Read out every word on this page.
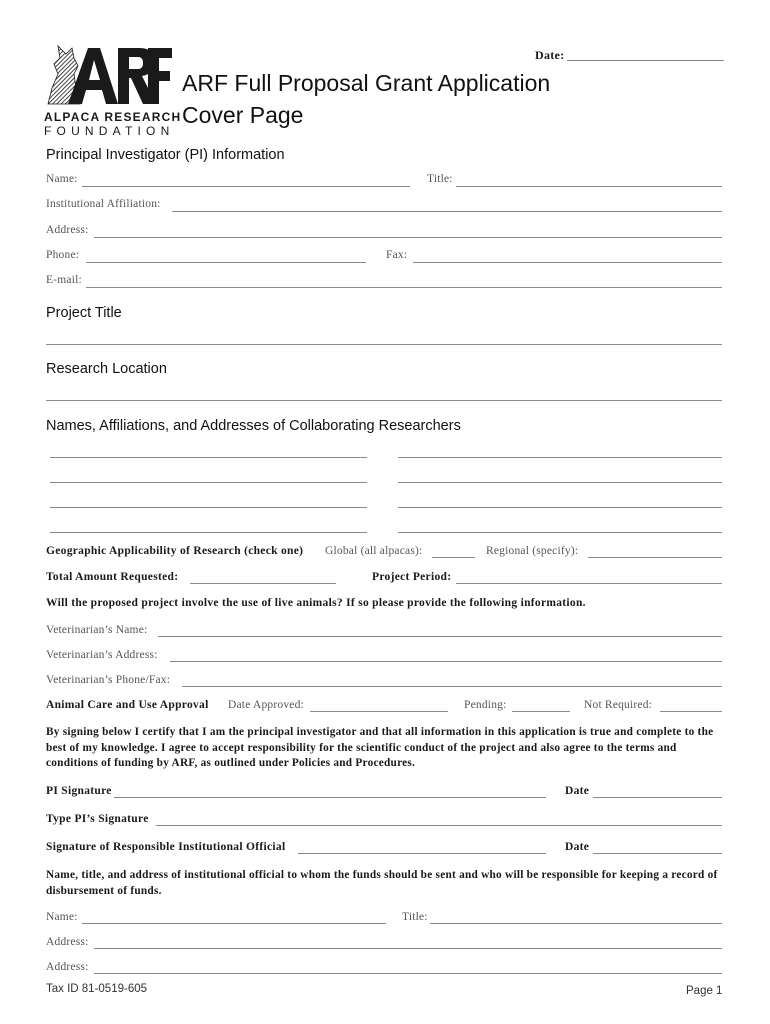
ALPACA RESEARCH
FOUNDATION
Date:
ARF Full Proposal Grant Application
Cover Page
Principal Investigator (PI) Information
Name:	Title:
Institutional Affiliation:
Address:
Phone:	Fax:
E-mail:
Project Title
Research Location
Names, Affiliations, and Addresses of Collaborating Researchers
Geographic Applicability of Research (check one) Global (all alpacas):	Regional (specify):
Total Amount Requested:	Project Period:
Will the proposed project involve the use of live animals? If so please provide the following information.
Veterinarian’s Name:
Veterinarian’s Address:
Veterinarian’s Phone/Fax:
Animal Care and Use Approval Date Approved:	Pending:	Not Required:
By signing below I certify that I am the principal investigator and that all information in this application is true and complete to the best of my knowledge. I agree to accept responsibility for the scientific conduct of the project and also agree to the terms and conditions of funding by ARF, as outlined under Policies and Procedures.
PI Signature	Date
Type PI’s Signature
Signature of Responsible Institutional Official	Date
Name, title, and address of institutional official to whom the funds should be sent and who will be responsible for keeping a record of disbursement of funds.
Name:	Title:
Address:
Address:
Tax ID 81-0519-605	Page 1
